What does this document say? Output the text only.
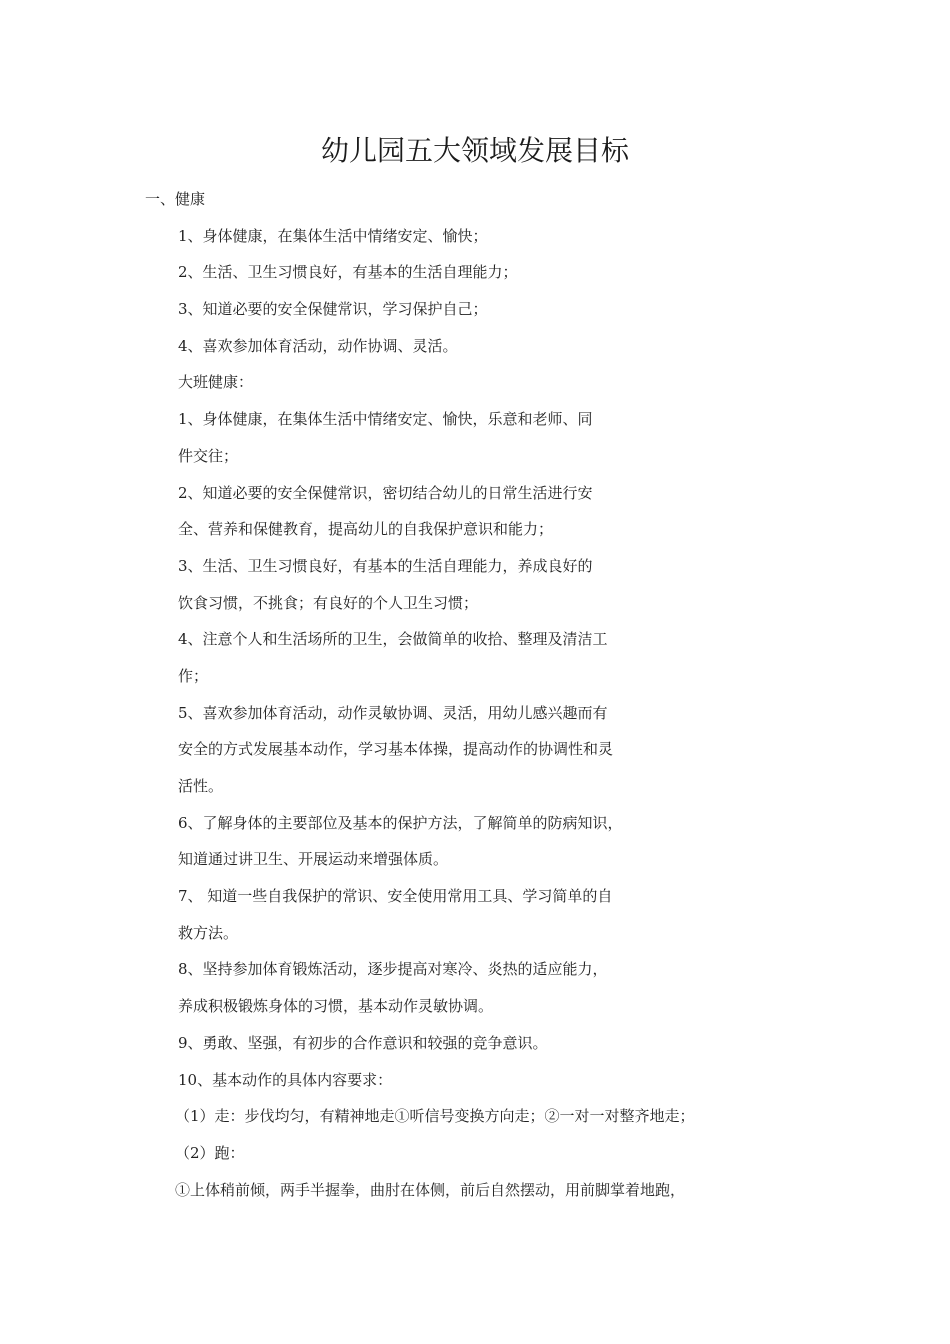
幼儿园五大领域发展目标
一、健康
1、身体健康，在集体生活中情绪安定、愉快；
2、生活、卫生习惯良好，有基本的生活自理能力；
3、知道必要的安全保健常识，学习保护自己；
4、喜欢参加体育活动，动作协调、灵活。
大班健康：
1、身体健康，在集体生活中情绪安定、愉快，乐意和老师、同
件交往；
2、知道必要的安全保健常识，密切结合幼儿的日常生活进行安
全、营养和保健教育，提高幼儿的自我保护意识和能力；
3、生活、卫生习惯良好，有基本的生活自理能力，养成良好的
饮食习惯，不挑食；有良好的个人卫生习惯；
4、注意个人和生活场所的卫生，会做简单的收拾、整理及清洁工
作；
5、喜欢参加体育活动，动作灵敏协调、灵活，用幼儿感兴趣而有
安全的方式发展基本动作，学习基本体操，提高动作的协调性和灵
活性。
6、了解身体的主要部位及基本的保护方法，了解简单的防病知识，
知道通过讲卫生、开展运动来增强体质。
7、 知道一些自我保护的常识、安全使用常用工具、学习简单的自
救方法。
8、坚持参加体育锻炼活动，逐步提高对寒冷、炎热的适应能力，
养成积极锻炼身体的习惯，基本动作灵敏协调。
9、勇敢、坚强，有初步的合作意识和较强的竞争意识。
10、基本动作的具体内容要求：
（1）走：步伐均匀，有精神地走①听信号变换方向走；②一对一对整齐地走；
（2）跑：
①上体稍前倾，两手半握拳，曲肘在体侧，前后自然摆动，用前脚掌着地跑，
